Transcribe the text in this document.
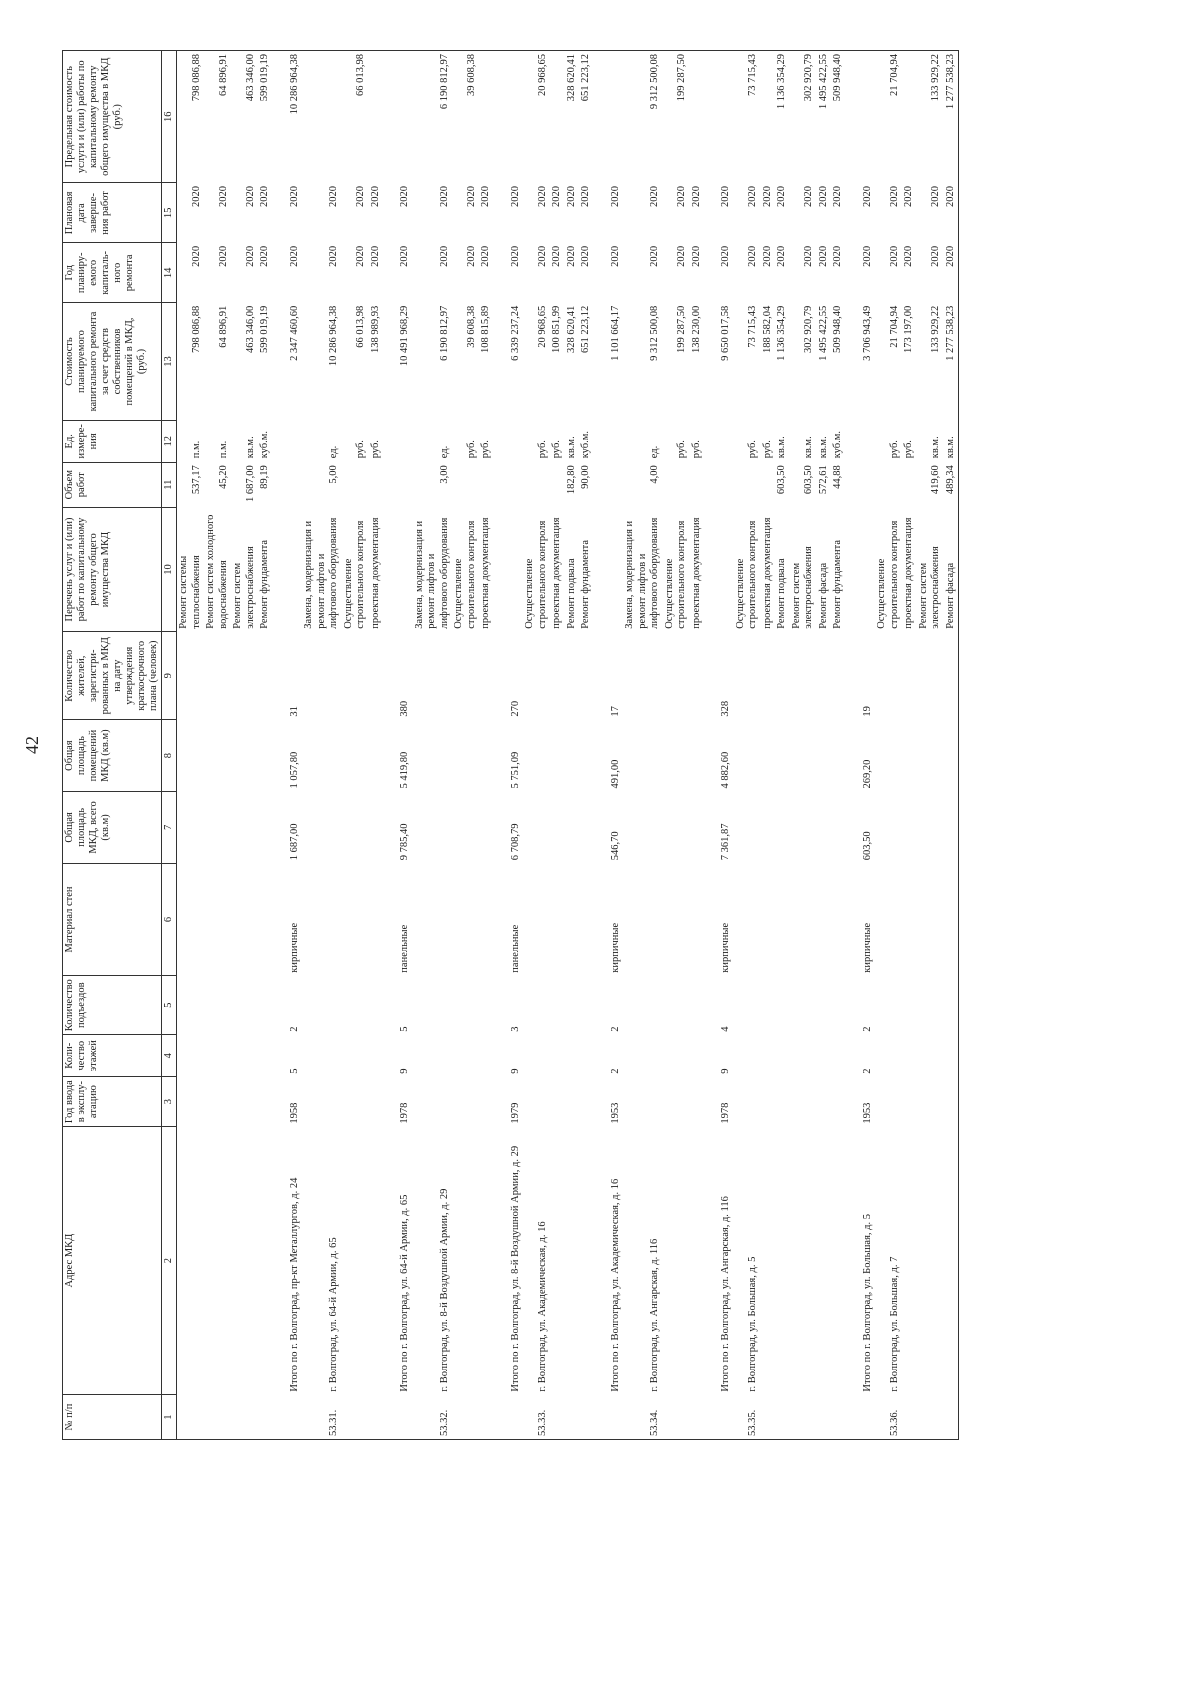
42
№ п/п	Адрес МКД	Год ввода в эксплу-атацию	Коли-чество этажей	Количество подъездов	Материал стен	Общая площадь МКД, всего (кв.м)	Общая площадь помещений МКД (кв.м)	Количество жителей, зарегистри-рованных в МКД на дату утверждения краткосрочного плана (человек)	Перечень услуг и (или) работ по капитальному ремонту общего имущества МКД	Объем работ	Ед. измере-ния	Стоимость планируемого капитального ремонта за счет средств собственников помещений в МКД, (руб.)	Год планиру-емого капиталь-ного ремонта	Плановая дата заверше-ния работ	Предельная стоимость услуги и (или) работы по капитальному ремонту общего имущества в МКД (руб.)
1	2	3	4	5	6	7	8	9	10	11	12	13	14	15	16
									Ремонт системы теплоснабжения	537,17	п.м.	798 086,88	2020	2020	798 086,88
									Ремонт систем холодного водоснабжения	45,20	п.м.	64 896,91	2020	2020	64 896,91
									Ремонт систем электроснабжения	1 687,00	кв.м.	463 346,00	2020	2020	463 346,00
									Ремонт фундамента	89,19	куб.м.	599 019,19	2020	2020	599 019,19
	Итого по г. Волгоград, пр-кт Металлургов, д. 24	1958	5	2	кирпичные	1 687,00	1 057,80	31				2 347 460,60	2020	2020	10 286 964,38
53.31.	г. Волгоград, ул. 64-й Армии, д. 65								Замена, модернизация и ремонт лифтов и лифтового оборудования	5,00	ед.	10 286 964,38	2020	2020	
									Осуществление строительного контроля		руб.	66 013,98	2020	2020	66 013,98
									проектная документация		руб.	138 989,93	2020	2020	
	Итого по г. Волгоград, ул. 64-й Армии, д. 65	1978	9	5	панельные	9 785,40	5 419,80	380				10 491 968,29	2020	2020	
53.32.	г. Волгоград, ул. 8-й Воздушной Армии, д. 29								Замена, модернизация и ремонт лифтов и лифтового оборудования	3,00	ед.	6 190 812,97	2020	2020	6 190 812,97
									Осуществление строительного контроля		руб.	39 608,38	2020	2020	39 608,38
									проектная документация		руб.	108 815,89	2020	2020	
	Итого по г. Волгоград, ул. 8-й Воздушной Армии, д. 29	1979	9	3	панельные	6 708,79	5 751,09	270				6 339 237,24	2020	2020	
53.33.	г. Волгоград, ул. Академическая, д. 16								Осуществление строительного контроля		руб.	20 968,65	2020	2020	20 968,65
									проектная документация		руб.	100 851,99	2020	2020	
									Ремонт подвала	182,80	кв.м.	328 620,41	2020	2020	328 620,41
									Ремонт фундамента	90,00	куб.м.	651 223,12	2020	2020	651 223,12
	Итого по г. Волгоград, ул. Академическая, д. 16	1953	2	2	кирпичные	546,70	491,00	17				1 101 664,17	2020	2020	
53.34.	г. Волгоград, ул. Ангарская, д. 116								Замена, модернизация и ремонт лифтов и лифтового оборудования	4,00	ед.	9 312 500,08	2020	2020	9 312 500,08
									Осуществление строительного контроля		руб.	199 287,50	2020	2020	199 287,50
									проектная документация		руб.	138 230,00	2020	2020	
	Итого по г. Волгоград, ул. Ангарская, д. 116	1978	9	4	кирпичные	7 361,87	4 882,60	328				9 650 017,58	2020	2020	
53.35.	г. Волгоград, ул. Большая, д. 5								Осуществление строительного контроля		руб.	73 715,43	2020	2020	73 715,43
									проектная документация		руб.	188 582,04	2020	2020	
									Ремонт подвала	603,50	кв.м.	1 136 354,29	2020	2020	1 136 354,29
									Ремонт систем электроснабжения	603,50	кв.м.	302 920,79	2020	2020	302 920,79
									Ремонт фасада	572,61	кв.м.	1 495 422,55	2020	2020	1 495 422,55
									Ремонт фундамента	44,88	куб.м.	509 948,40	2020	2020	509 948,40
	Итого по г. Волгоград, ул. Большая, д. 5	1953	2	2	кирпичные	603,50	269,20	19				3 706 943,49	2020	2020	
53.36.	г. Волгоград, ул. Большая, д. 7								Осуществление строительного контроля		руб.	21 704,94	2020	2020	21 704,94
									проектная документация		руб.	173 197,00	2020	2020	
									Ремонт систем электроснабжения	419,60	кв.м.	133 929,22	2020	2020	133 929,22
									Ремонт фасада	489,34	кв.м.	1 277 538,23	2020	2020	1 277 538,23
